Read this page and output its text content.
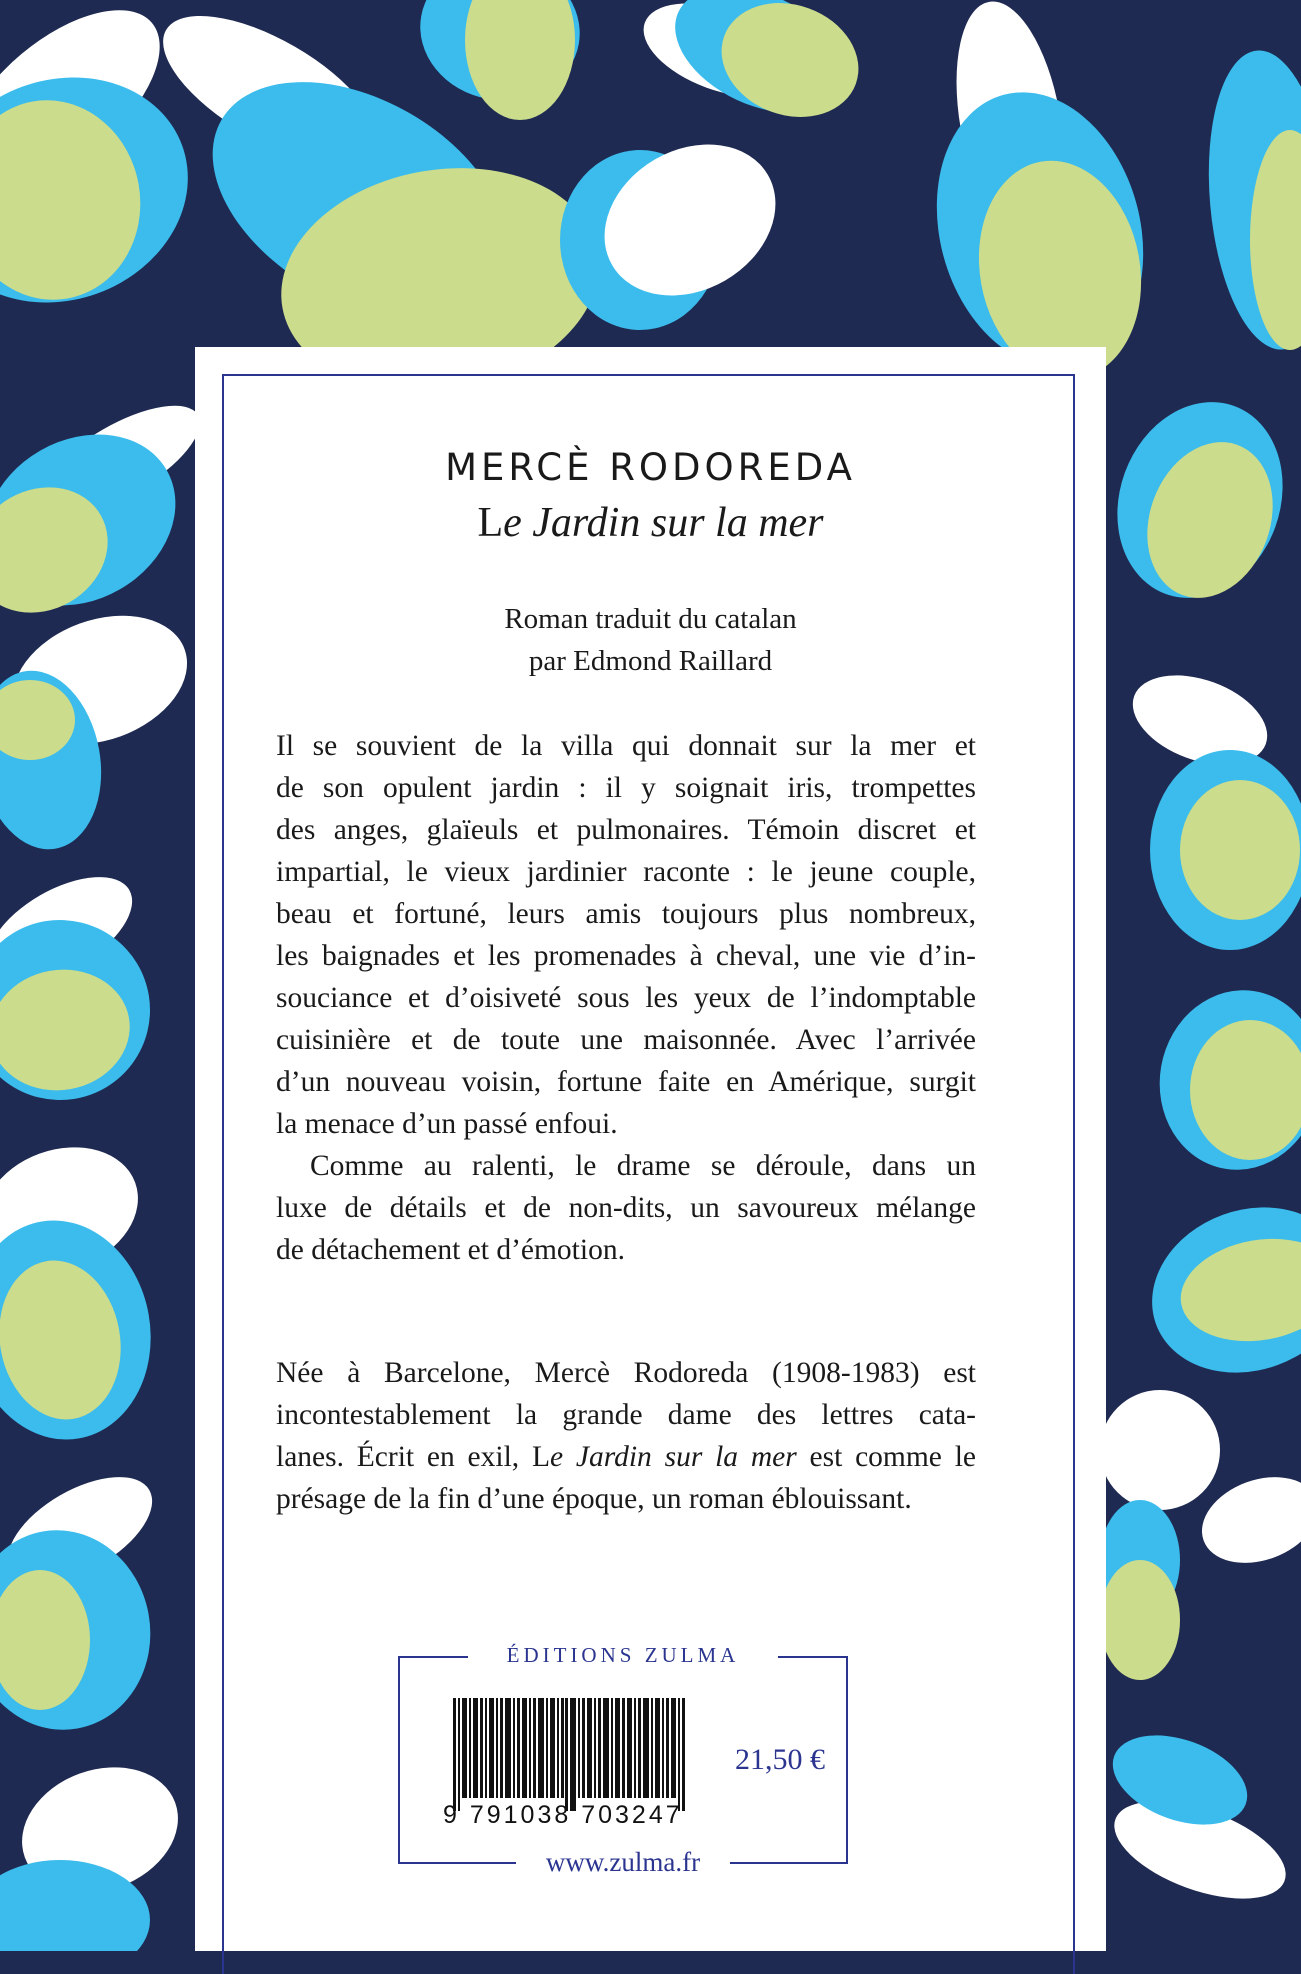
MERCÈ RODOREDA
Le Jardin sur la mer
Roman traduit du catalan
par Edmond Raillard
Il se souvient de la villa qui donnait sur la mer et
de son opulent jardin : il y soignait iris, trompettes
des anges, glaïeuls et pulmonaires. Témoin discret et
impartial, le vieux jardinier raconte : le jeune couple,
beau et fortuné, leurs amis toujours plus nombreux,
les baignades et les promenades à cheval, une vie d’in-
souciance et d’oisiveté sous les yeux de l’indomptable
cuisinière et de toute une maisonnée. Avec l’arrivée
d’un nouveau voisin, fortune faite en Amérique, surgit
la menace d’un passé enfoui.
Comme au ralenti, le drame se déroule, dans un
luxe de détails et de non-dits, un savoureux mélange
de détachement et d’émotion.
Née à Barcelone, Mercè Rodoreda (1908-1983) est
incontestablement la grande dame des lettres cata-
lanes. Écrit en exil, Le Jardin sur la mer est comme le
présage de la fin d’une époque, un roman éblouissant.
ÉDITIONS ZULMA
9 791038 703247
21,50 €
www.zulma.fr
